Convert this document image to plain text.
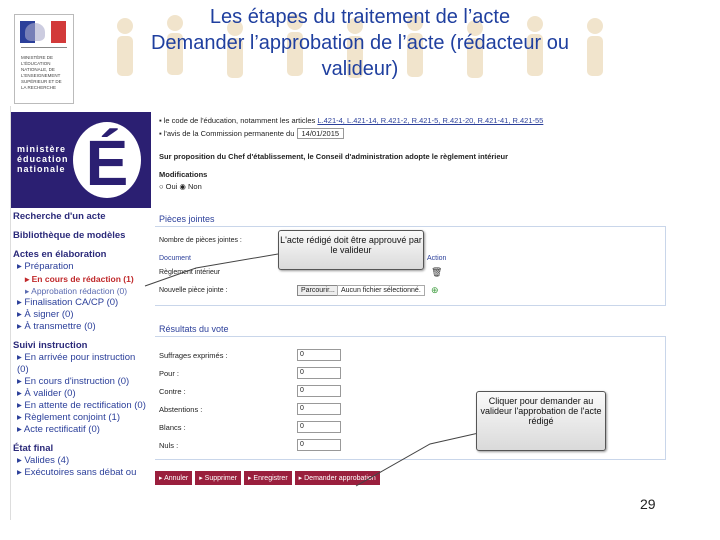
MINISTÈRE DE L'ÉDUCATION NATIONALE, DE L'ENSEIGNEMENT SUPÉRIEUR ET DE LA RECHERCHE
Les étapes du traitement de l’acte
Demander l’approbation de l’acte (rédacteur ou
valideur)
ministère
éducation
nationale É
Recherche d'un acte
Bibliothèque de modèles
Actes en élaboration
▸ Préparation
▸ En cours de rédaction (1)
▸ Approbation rédaction (0)
▸ Finalisation CA/CP (0)
▸ À signer (0)
▸ À transmettre (0)
Suivi instruction
▸ En arrivée pour instruction (0)
▸ En cours d'instruction (0)
▸ À valider (0)
▸ En attente de rectification (0)
▸ Règlement conjoint (1)
▸ Acte rectificatif (0)
État final
▸ Valides (4)
▸ Exécutoires sans débat ou
▪ le code de l'éducation, notamment les articles L.421-4, L.421-14, R.421-2, R.421-5, R.421-20, R.421-41, R.421-55
▪ l'avis de la Commission permanente du 14/01/2015
Sur proposition du Chef d'établissement, le Conseil d'administration adopte le règlement intérieur
Modifications
○ Oui ◉ Non
Pièces jointes
Nombre de pièces jointes :
Document	Action
Règlement intérieur	🗑
Nouvelle pièce jointe :	Parcourir... Aucun fichier sélectionné.	⊕
Résultats du vote
Suffrages exprimés :	0
Pour :	0
Contre :	0
Abstentions :	0
Blancs :	0
Nuls :	0
▸ Annuler	▸ Supprimer	▸ Enregistrer	▸ Demander approbation
L'acte rédigé doit être approuvé par le valideur
Cliquer pour demander au valideur l'approbation de l'acte rédigé
29
